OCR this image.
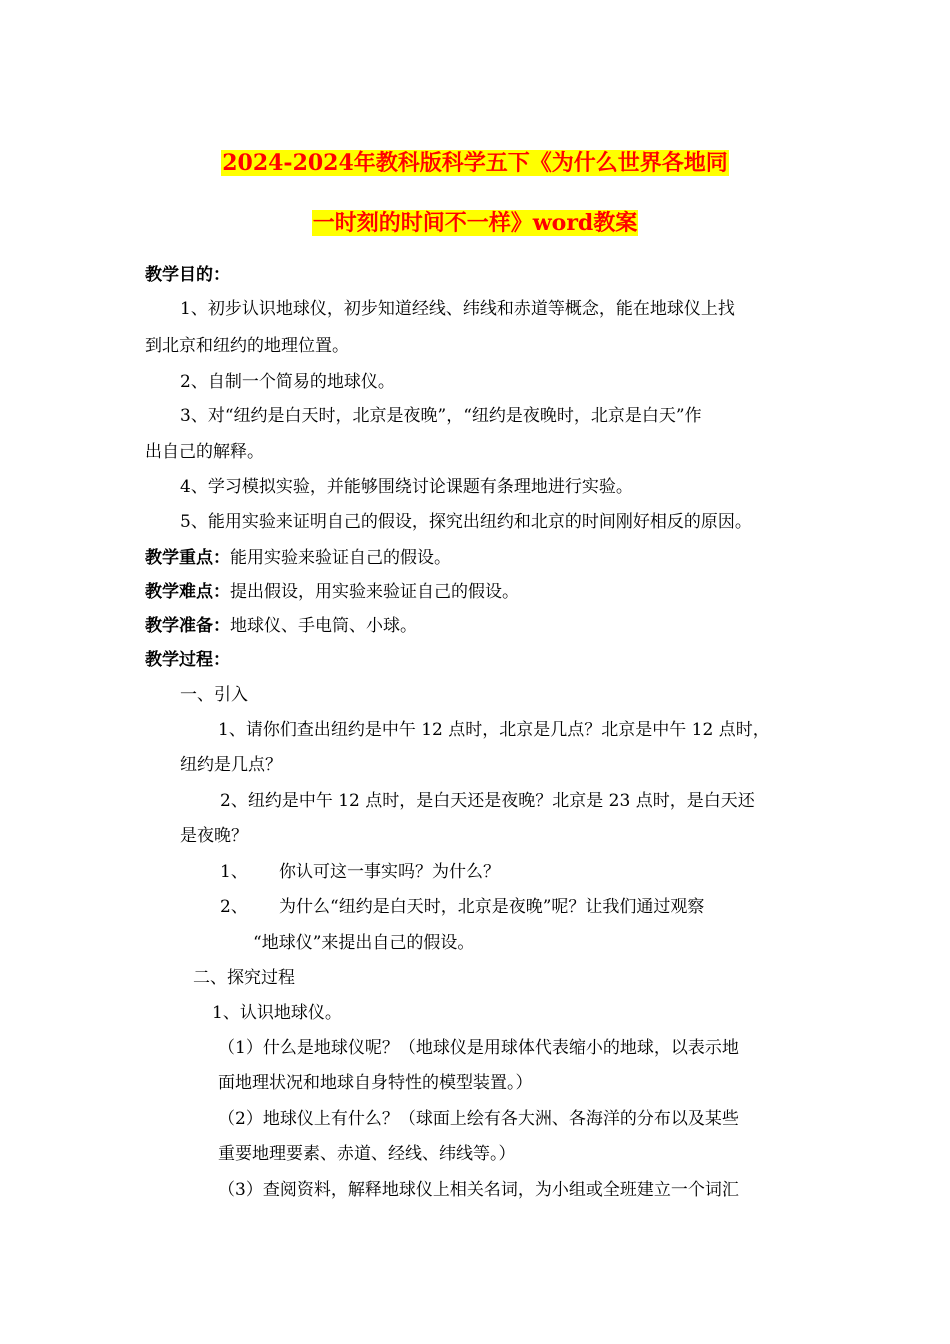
2024-2024年教科版科学五下《为什么世界各地同
一时刻的时间不一样》word教案
教学目的：
1、初步认识地球仪，初步知道经线、纬线和赤道等概念，能在地球仪上找
到北京和纽约的地理位置。
2、自制一个简易的地球仪。
3、对“纽约是白天时，北京是夜晚”，“纽约是夜晚时，北京是白天”作
出自己的解释。
4、学习模拟实验，并能够围绕讨论课题有条理地进行实验。
5、能用实验来证明自己的假设，探究出纽约和北京的时间刚好相反的原因。
教学重点：能用实验来验证自己的假设。
教学难点：提出假设，用实验来验证自己的假设。
教学准备：地球仪、手电筒、小球。
教学过程：
一、引入
1、请你们查出纽约是中午 12 点时，北京是几点？北京是中午 12 点时，
纽约是几点？
2、纽约是中午 12 点时，是白天还是夜晚？北京是 23 点时，是白天还
是夜晚？
1、 你认可这一事实吗？为什么？
2、 为什么“纽约是白天时，北京是夜晚”呢？让我们通过观察
“地球仪”来提出自己的假设。
二、探究过程
1、认识地球仪。
（1）什么是地球仪呢？（地球仪是用球体代表缩小的地球，以表示地
面地理状况和地球自身特性的模型装置。）
（2）地球仪上有什么？（球面上绘有各大洲、各海洋的分布以及某些
重要地理要素、赤道、经线、纬线等。）
（3）查阅资料，解释地球仪上相关名词，为小组或全班建立一个词汇
